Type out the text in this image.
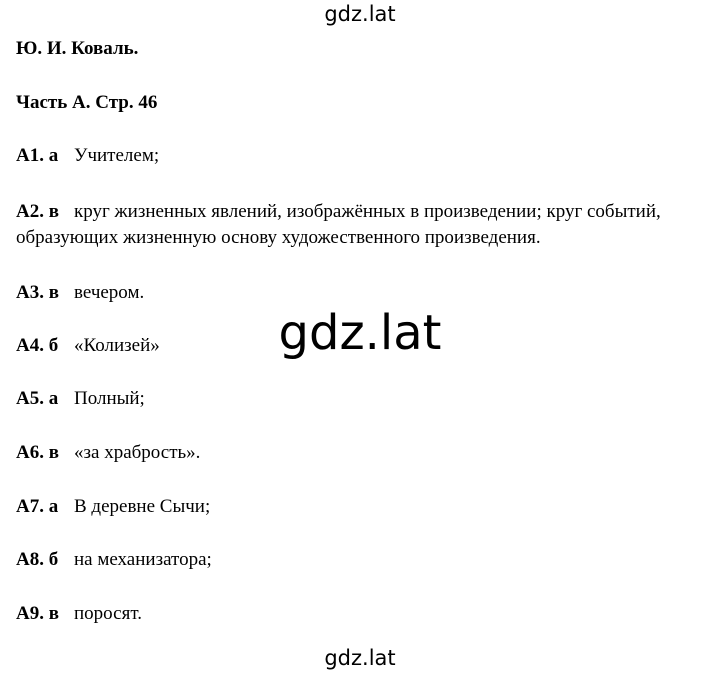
gdz.lat
gdz.lat
gdz.lat
Ю. И. Коваль.
Часть А. Стр. 46
А1. а Учителем;
А2. в круг жизненных явлений, изображённых в произведении; круг событий,
образующих жизненную основу художественного произведения.
А3. в вечером.
А4. б «Колизей»
А5. а Полный;
А6. в «за храбрость».
А7. а В деревне Сычи;
А8. б на механизатора;
А9. в поросят.
